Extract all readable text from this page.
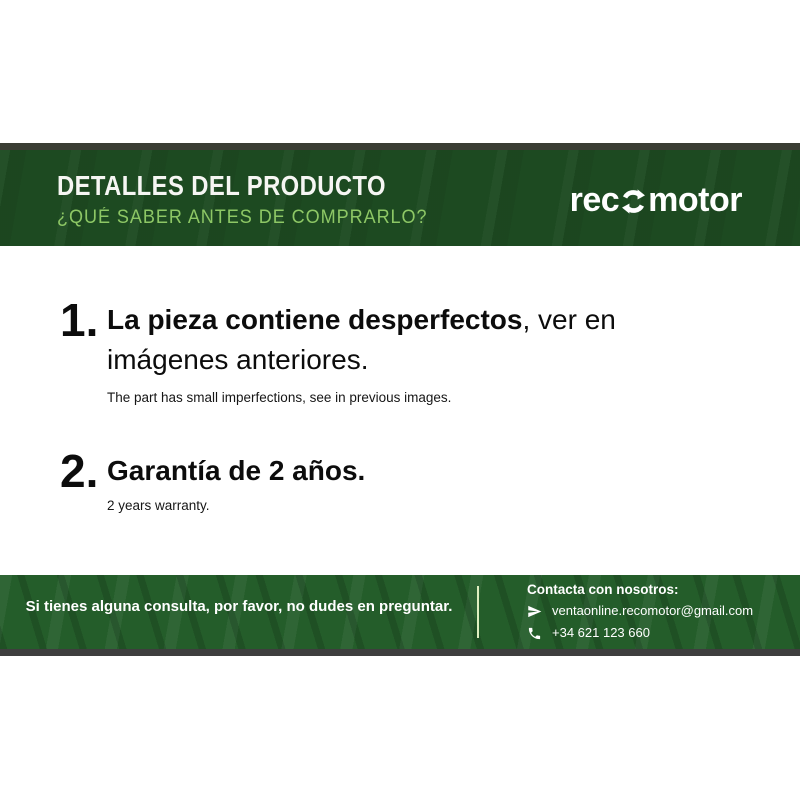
DETALLES DEL PRODUCTO

¿QUÉ SABER ANTES DE COMPRARLO?	rec motor
1. La pieza contiene desperfectos, ver en imágenes anteriores.

The part has small imperfections, see in previous images.

2. Garantía de 2 años.

2 years warranty.

Si tienes alguna consulta, por favor, no dudes en preguntar.

Contacta con nosotros:

ventaonline.recomotor@gmail.com
+34 621 123 660
